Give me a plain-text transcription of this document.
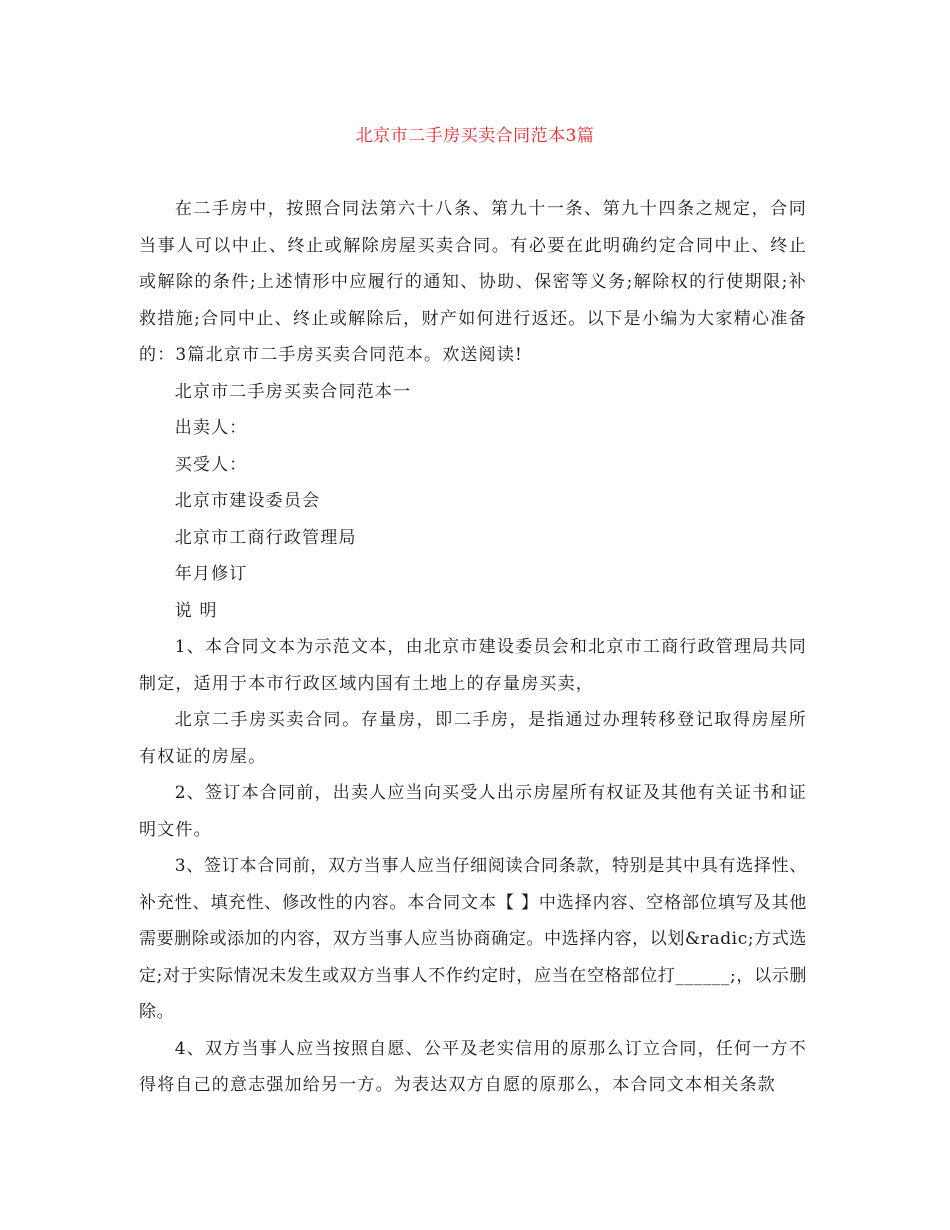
北京市二手房买卖合同范本3篇

在二手房中，按照合同法第六十八条、第九十一条、第九十四条之规定，合同当事人可以中止、终止或解除房屋买卖合同。有必要在此明确约定合同中止、终止或解除的条件;上述情形中应履行的通知、协助、保密等义务;解除权的行使期限;补救措施;合同中止、终止或解除后，财产如何进行返还。以下是小编为大家精心准备的：3篇北京市二手房买卖合同范本。欢送阅读!

北京市二手房买卖合同范本一

出卖人：

买受人：

北京市建设委员会

北京市工商行政管理局

年月修订

说 明

1、本合同文本为示范文本，由北京市建设委员会和北京市工商行政管理局共同制定，适用于本市行政区域内国有土地上的存量房买卖，

北京二手房买卖合同。存量房，即二手房，是指通过办理转移登记取得房屋所有权证的房屋。

2、签订本合同前，出卖人应当向买受人出示房屋所有权证及其他有关证书和证明文件。

3、签订本合同前，双方当事人应当仔细阅读合同条款，特别是其中具有选择性、补充性、填充性、修改性的内容。本合同文本【 】中选择内容、空格部位填写及其他需要删除或添加的内容，双方当事人应当协商确定。中选择内容，以划&radic;方式选定;对于实际情况未发生或双方当事人不作约定时，应当在空格部位打______;，以示删除。

4、双方当事人应当按照自愿、公平及老实信用的原那么订立合同，任何一方不得将自己的意志强加给另一方。为表达双方自愿的原那么，本合同文本相关条款
